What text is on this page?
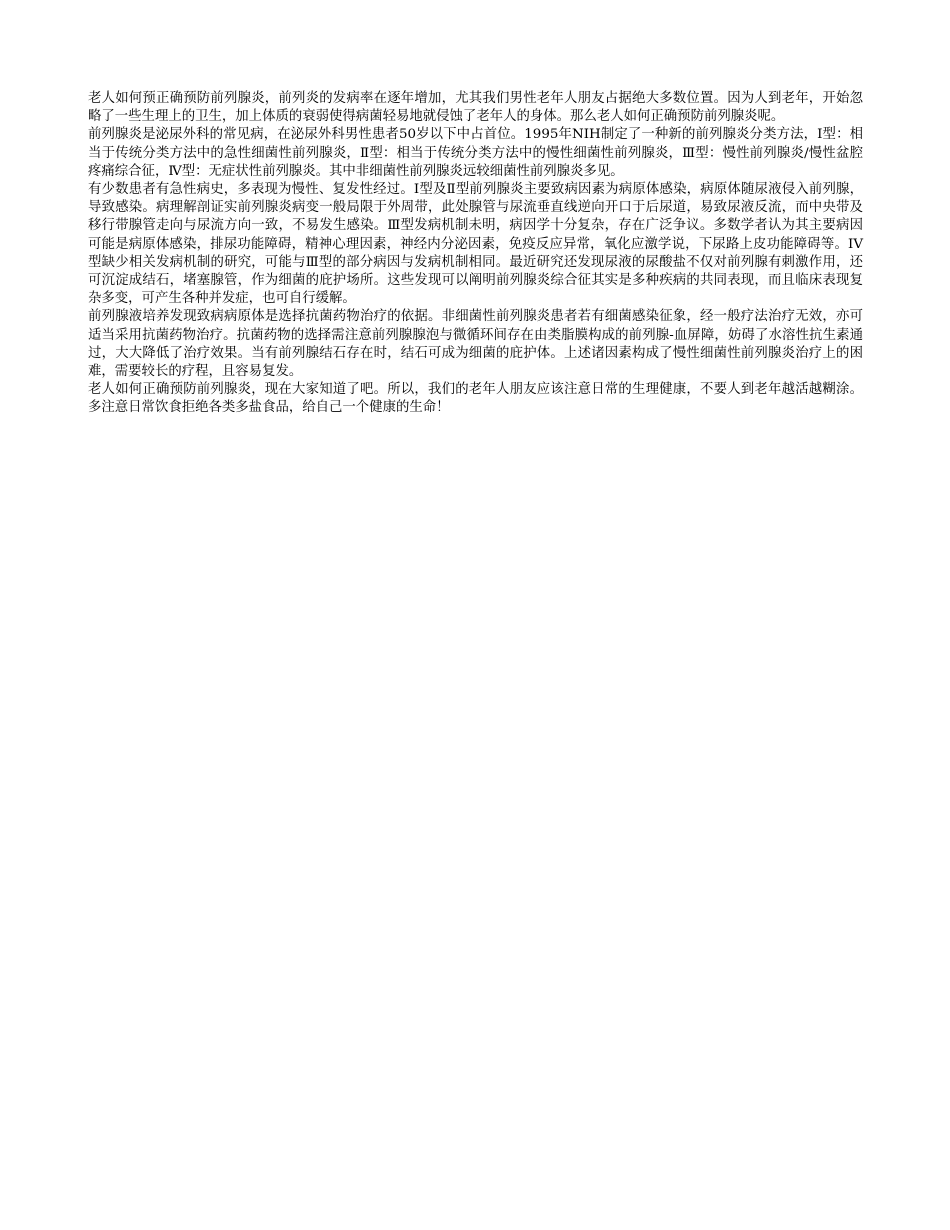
老人如何预正确预防前列腺炎，前列炎的发病率在逐年增加，尤其我们男性老年人朋友占据绝大多数位置。因为人到老年，开始忽略了一些生理上的卫生，加上体质的衰弱使得病菌轻易地就侵蚀了老年人的身体。那么老人如何正确预防前列腺炎呢。

前列腺炎是泌尿外科的常见病，在泌尿外科男性患者50岁以下中占首位。1995年NIH制定了一种新的前列腺炎分类方法，I型：相当于传统分类方法中的急性细菌性前列腺炎，Ⅱ型：相当于传统分类方法中的慢性细菌性前列腺炎，Ⅲ型：慢性前列腺炎/慢性盆腔疼痛综合征，Ⅳ型：无症状性前列腺炎。其中非细菌性前列腺炎远较细菌性前列腺炎多见。

有少数患者有急性病史，多表现为慢性、复发性经过。I型及Ⅱ型前列腺炎主要致病因素为病原体感染，病原体随尿液侵入前列腺，导致感染。病理解剖证实前列腺炎病变一般局限于外周带，此处腺管与尿流垂直线逆向开口于后尿道，易致尿液反流，而中央带及移行带腺管走向与尿流方向一致，不易发生感染。Ⅲ型发病机制未明，病因学十分复杂，存在广泛争议。多数学者认为其主要病因可能是病原体感染，排尿功能障碍，精神心理因素，神经内分泌因素，免疫反应异常，氧化应激学说，下尿路上皮功能障碍等。IV型缺少相关发病机制的研究，可能与Ⅲ型的部分病因与发病机制相同。最近研究还发现尿液的尿酸盐不仅对前列腺有刺激作用，还可沉淀成结石，堵塞腺管，作为细菌的庇护场所。这些发现可以阐明前列腺炎综合征其实是多种疾病的共同表现，而且临床表现复杂多变，可产生各种并发症，也可自行缓解。

前列腺液培养发现致病病原体是选择抗菌药物治疗的依据。非细菌性前列腺炎患者若有细菌感染征象，经一般疗法治疗无效，亦可适当采用抗菌药物治疗。抗菌药物的选择需注意前列腺腺泡与微循环间存在由类脂膜构成的前列腺-血屏障，妨碍了水溶性抗生素通过，大大降低了治疗效果。当有前列腺结石存在时，结石可成为细菌的庇护体。上述诸因素构成了慢性细菌性前列腺炎治疗上的困难，需要较长的疗程，且容易复发。

老人如何正确预防前列腺炎，现在大家知道了吧。所以，我们的老年人朋友应该注意日常的生理健康，不要人到老年越活越糊涂。多注意日常饮食拒绝各类多盐食品，给自己一个健康的生命！
